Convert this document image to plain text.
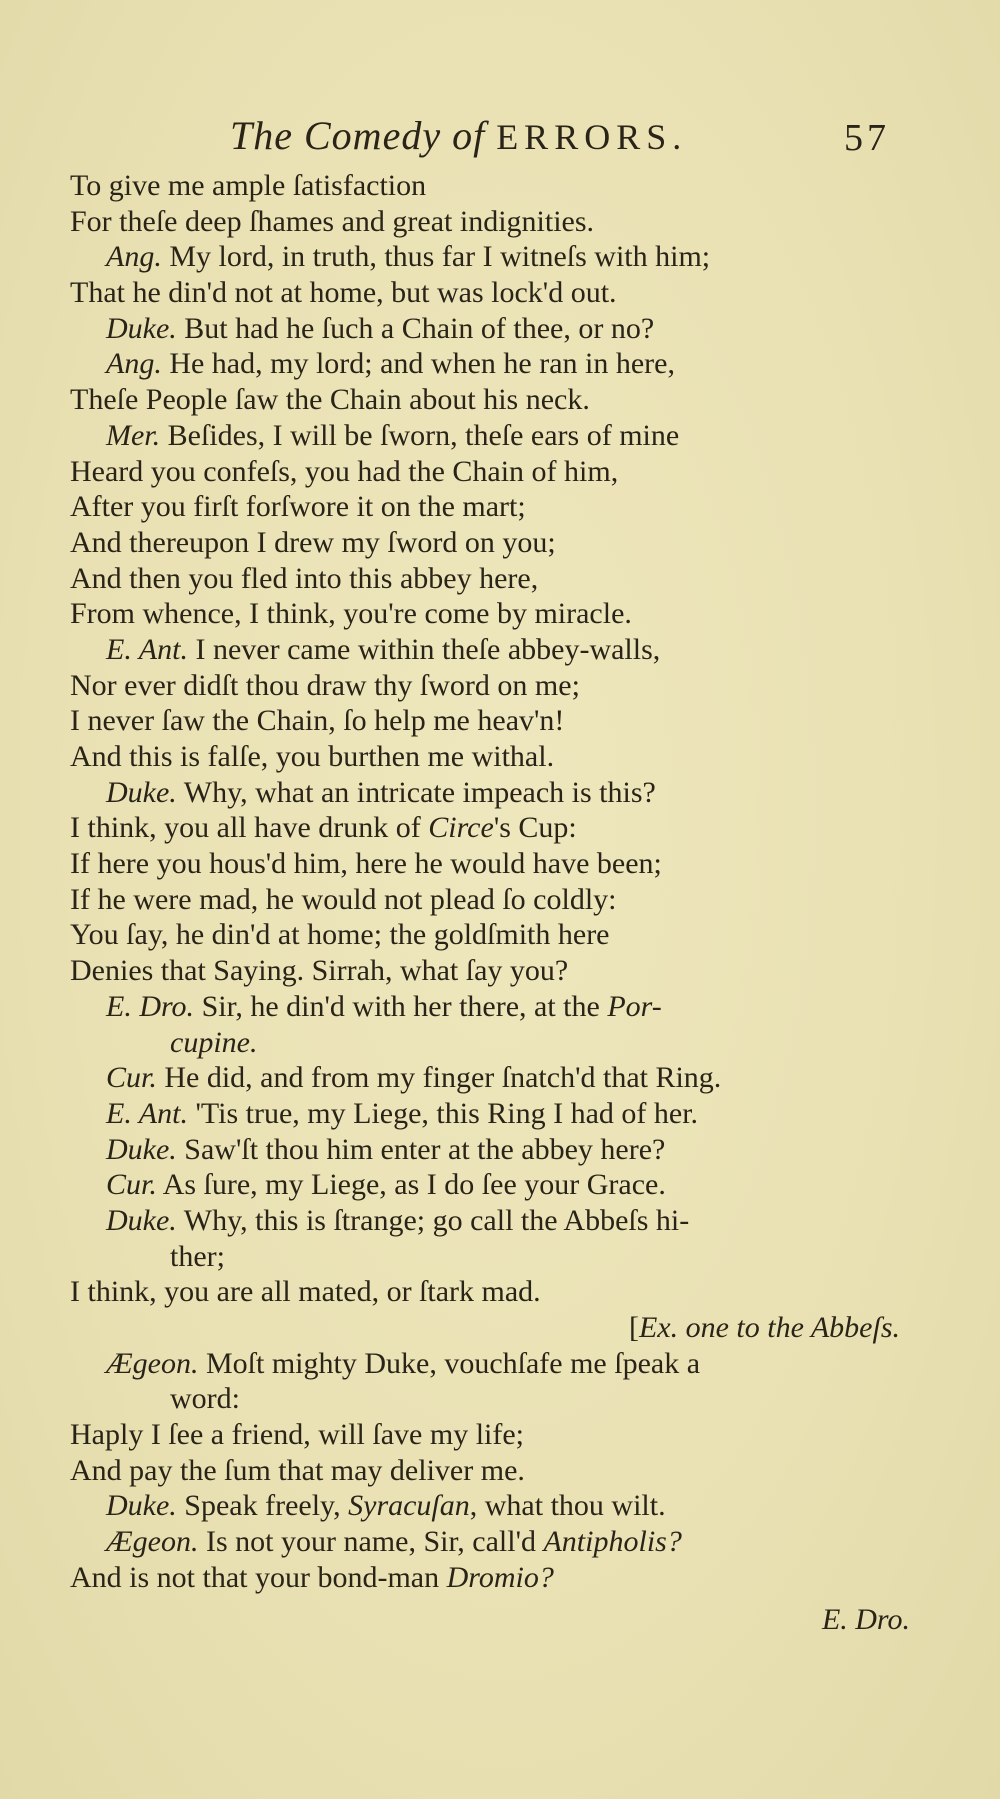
The Comedy of ERRORS.	57
To give me ample ſatisfaction
For theſe deep ſhames and great indignities.
Ang. My lord, in truth, thus far I witneſs with him;
That he din'd not at home, but was lock'd out.
Duke. But had he ſuch a Chain of thee, or no?
Ang. He had, my lord; and when he ran in here,
Theſe People ſaw the Chain about his neck.
Mer. Beſides, I will be ſworn, theſe ears of mine
Heard you confeſs, you had the Chain of him,
After you firſt forſwore it on the mart;
And thereupon I drew my ſword on you;
And then you fled into this abbey here,
From whence, I think, you're come by miracle.
E. Ant. I never came within theſe abbey-walls,
Nor ever didſt thou draw thy ſword on me;
I never ſaw the Chain, ſo help me heav'n!
And this is falſe, you burthen me withal.
Duke. Why, what an intricate impeach is this?
I think, you all have drunk of Circe's Cup:
If here you hous'd him, here he would have been;
If he were mad, he would not plead ſo coldly:
You ſay, he din'd at home; the goldſmith here
Denies that Saying. Sirrah, what ſay you?
E. Dro. Sir, he din'd with her there, at the Por-
cupine.
Cur. He did, and from my finger ſnatch'd that Ring.
E. Ant. 'Tis true, my Liege, this Ring I had of her.
Duke. Saw'ſt thou him enter at the abbey here?
Cur. As ſure, my Liege, as I do ſee your Grace.
Duke. Why, this is ſtrange; go call the Abbeſs hi-
ther;
I think, you are all mated, or ſtark mad.
[Ex. one to the Abbeſs.
Ægeon. Moſt mighty Duke, vouchſafe me ſpeak a
word:
Haply I ſee a friend, will ſave my life;
And pay the ſum that may deliver me.
Duke. Speak freely, Syracuſan, what thou wilt.
Ægeon. Is not your name, Sir, call'd Antipholis?
And is not that your bond-man Dromio?
E. Dro.
